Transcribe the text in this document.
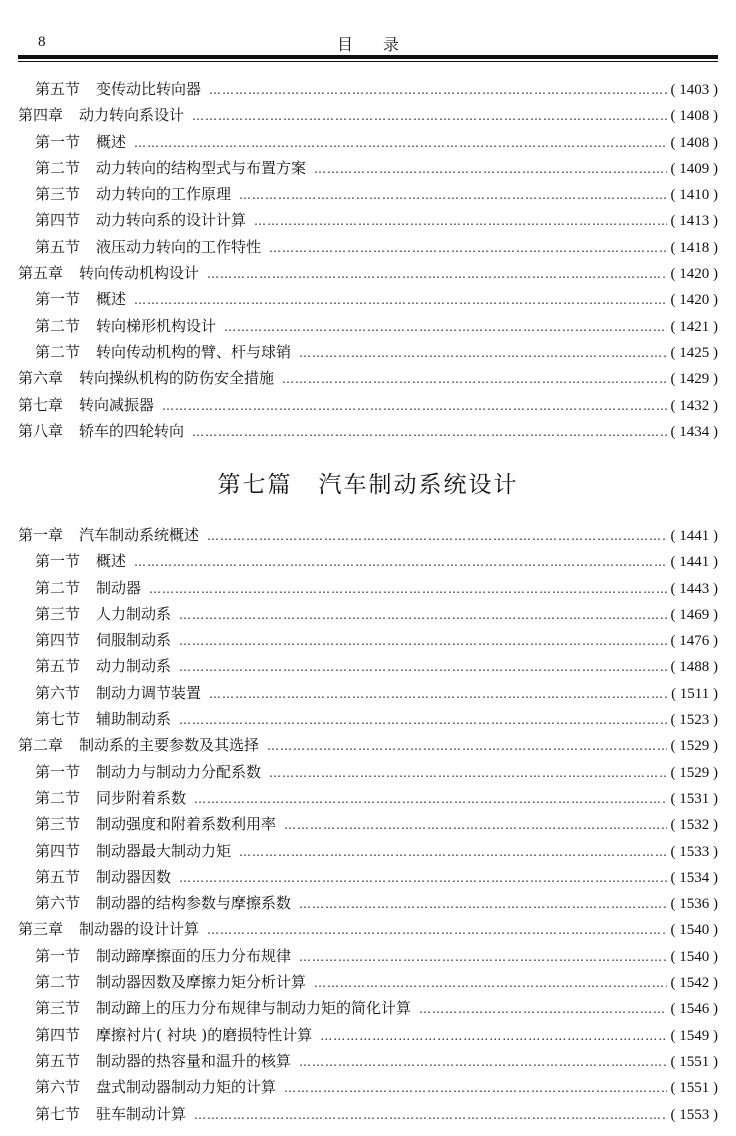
8	目录
第五节 变传动比转向器 …………………………………………………………………………………………………………………………………………………………………………………………………………………………………………………………	( 1403 )
第四章 动力转向系设计 …………………………………………………………………………………………………………………………………………………………………………………………………………………………………………………………	( 1408 )
第一节 概述 …………………………………………………………………………………………………………………………………………………………………………………………………………………………………………………………	( 1408 )
第二节 动力转向的结构型式与布置方案 …………………………………………………………………………………………………………………………………………………………………………………………………………………………………………………………	( 1409 )
第三节 动力转向的工作原理 …………………………………………………………………………………………………………………………………………………………………………………………………………………………………………………………	( 1410 )
第四节 动力转向系的设计计算 …………………………………………………………………………………………………………………………………………………………………………………………………………………………………………………………	( 1413 )
第五节 液压动力转向的工作特性 …………………………………………………………………………………………………………………………………………………………………………………………………………………………………………………………	( 1418 )
第五章 转向传动机构设计 …………………………………………………………………………………………………………………………………………………………………………………………………………………………………………………………	( 1420 )
第一节 概述 …………………………………………………………………………………………………………………………………………………………………………………………………………………………………………………………	( 1420 )
第二节 转向梯形机构设计 …………………………………………………………………………………………………………………………………………………………………………………………………………………………………………………………	( 1421 )
第二节 转向传动机构的臂、杆与球销 …………………………………………………………………………………………………………………………………………………………………………………………………………………………………………………………	( 1425 )
第六章 转向操纵机构的防伤安全措施 …………………………………………………………………………………………………………………………………………………………………………………………………………………………………………………………	( 1429 )
第七章 转向减振器 …………………………………………………………………………………………………………………………………………………………………………………………………………………………………………………………	( 1432 )
第八章 轿车的四轮转向 …………………………………………………………………………………………………………………………………………………………………………………………………………………………………………………………	( 1434 )
第七篇 汽车制动系统设计
第一章 汽车制动系统概述 …………………………………………………………………………………………………………………………………………………………………………………………………………………………………………………………	( 1441 )
第一节 概述 …………………………………………………………………………………………………………………………………………………………………………………………………………………………………………………………	( 1441 )
第二节 制动器 …………………………………………………………………………………………………………………………………………………………………………………………………………………………………………………………	( 1443 )
第三节 人力制动系 …………………………………………………………………………………………………………………………………………………………………………………………………………………………………………………………	( 1469 )
第四节 伺服制动系 …………………………………………………………………………………………………………………………………………………………………………………………………………………………………………………………	( 1476 )
第五节 动力制动系 …………………………………………………………………………………………………………………………………………………………………………………………………………………………………………………………	( 1488 )
第六节 制动力调节装置 …………………………………………………………………………………………………………………………………………………………………………………………………………………………………………………………	( 1511 )
第七节 辅助制动系 …………………………………………………………………………………………………………………………………………………………………………………………………………………………………………………………	( 1523 )
第二章 制动系的主要参数及其选择 …………………………………………………………………………………………………………………………………………………………………………………………………………………………………………………………	( 1529 )
第一节 制动力与制动力分配系数 …………………………………………………………………………………………………………………………………………………………………………………………………………………………………………………………	( 1529 )
第二节 同步附着系数 …………………………………………………………………………………………………………………………………………………………………………………………………………………………………………………………	( 1531 )
第三节 制动强度和附着系数利用率 …………………………………………………………………………………………………………………………………………………………………………………………………………………………………………………………	( 1532 )
第四节 制动器最大制动力矩 …………………………………………………………………………………………………………………………………………………………………………………………………………………………………………………………	( 1533 )
第五节 制动器因数 …………………………………………………………………………………………………………………………………………………………………………………………………………………………………………………………	( 1534 )
第六节 制动器的结构参数与摩擦系数 …………………………………………………………………………………………………………………………………………………………………………………………………………………………………………………………	( 1536 )
第三章 制动器的设计计算 …………………………………………………………………………………………………………………………………………………………………………………………………………………………………………………………	( 1540 )
第一节 制动蹄摩擦面的压力分布规律 …………………………………………………………………………………………………………………………………………………………………………………………………………………………………………………………	( 1540 )
第二节 制动器因数及摩擦力矩分析计算 …………………………………………………………………………………………………………………………………………………………………………………………………………………………………………………………	( 1542 )
第三节 制动蹄上的压力分布规律与制动力矩的简化计算 …………………………………………………………………………………………………………………………………………………………………………………………………………………………………………………………	( 1546 )
第四节 摩擦衬片( 衬块 )的磨损特性计算 …………………………………………………………………………………………………………………………………………………………………………………………………………………………………………………………	( 1549 )
第五节 制动器的热容量和温升的核算 …………………………………………………………………………………………………………………………………………………………………………………………………………………………………………………………	( 1551 )
第六节 盘式制动器制动力矩的计算 …………………………………………………………………………………………………………………………………………………………………………………………………………………………………………………………	( 1551 )
第七节 驻车制动计算 …………………………………………………………………………………………………………………………………………………………………………………………………………………………………………………………	( 1553 )
